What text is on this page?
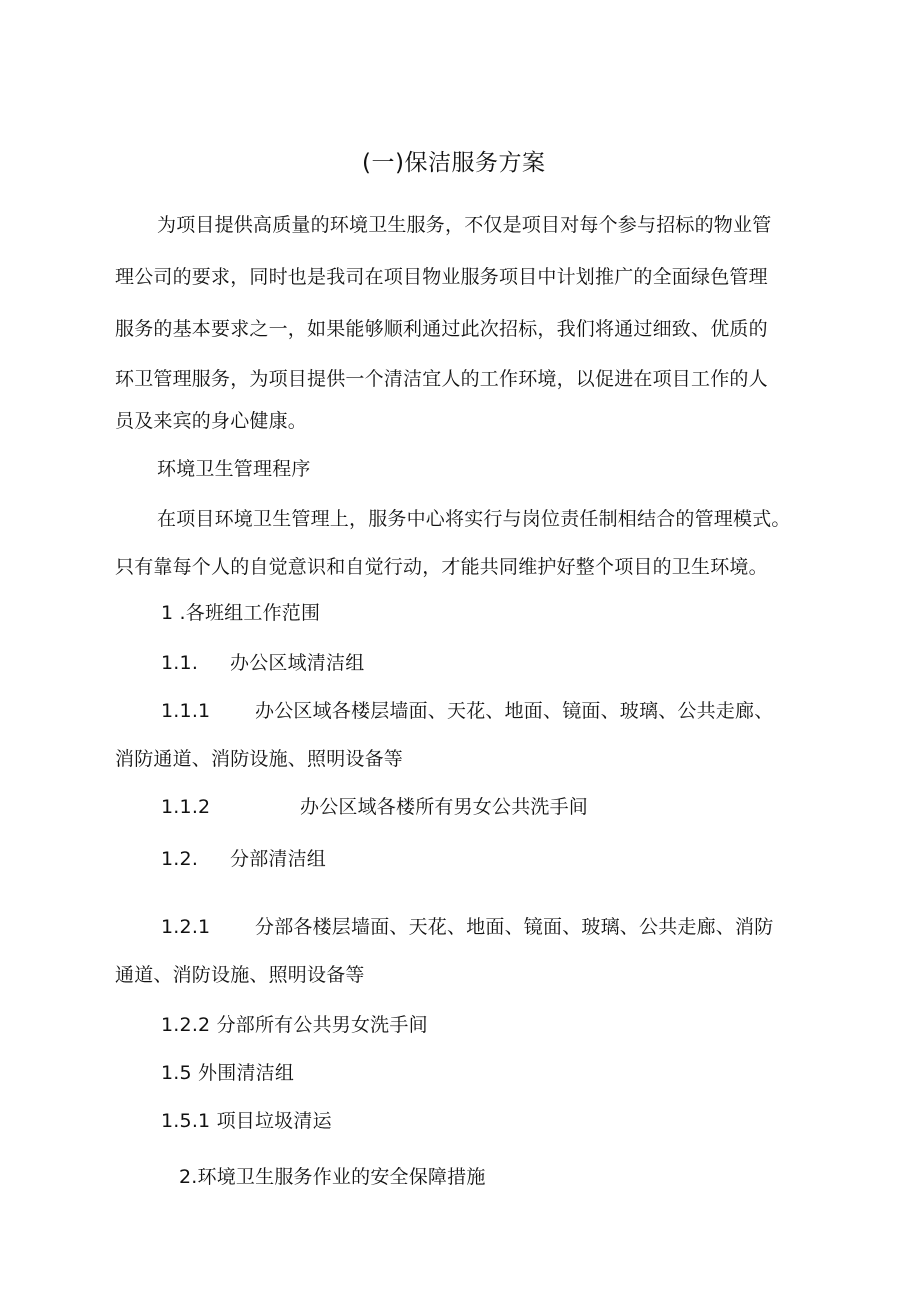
(一)保洁服务方案
为项目提供高质量的环境卫生服务，不仅是项目对每个参与招标的物业管
理公司的要求，同时也是我司在项目物业服务项目中计划推广的全面绿色管理
服务的基本要求之一，如果能够顺利通过此次招标，我们将通过细致、优质的
环卫管理服务，为项目提供一个清洁宜人的工作环境，以促进在项目工作的人
员及来宾的身心健康。
环境卫生管理程序
在项目环境卫生管理上，服务中心将实行与岗位责任制相结合的管理模式。
只有靠每个人的自觉意识和自觉行动，才能共同维护好整个项目的卫生环境。
1 .各班组工作范围
1.1. 办公区域清洁组
1.1.1 办公区域各楼层墙面、天花、地面、镜面、玻璃、公共走廊、
消防通道、消防设施、照明设备等
1.1.2	办公区域各楼所有男女公共洗手间
1.2. 分部清洁组
1.2.1 分部各楼层墙面、天花、地面、镜面、玻璃、公共走廊、消防
通道、消防设施、照明设备等
1.2.2 分部所有公共男女洗手间
1.5 外围清洁组
1.5.1 项目垃圾清运
2.环境卫生服务作业的安全保障措施
